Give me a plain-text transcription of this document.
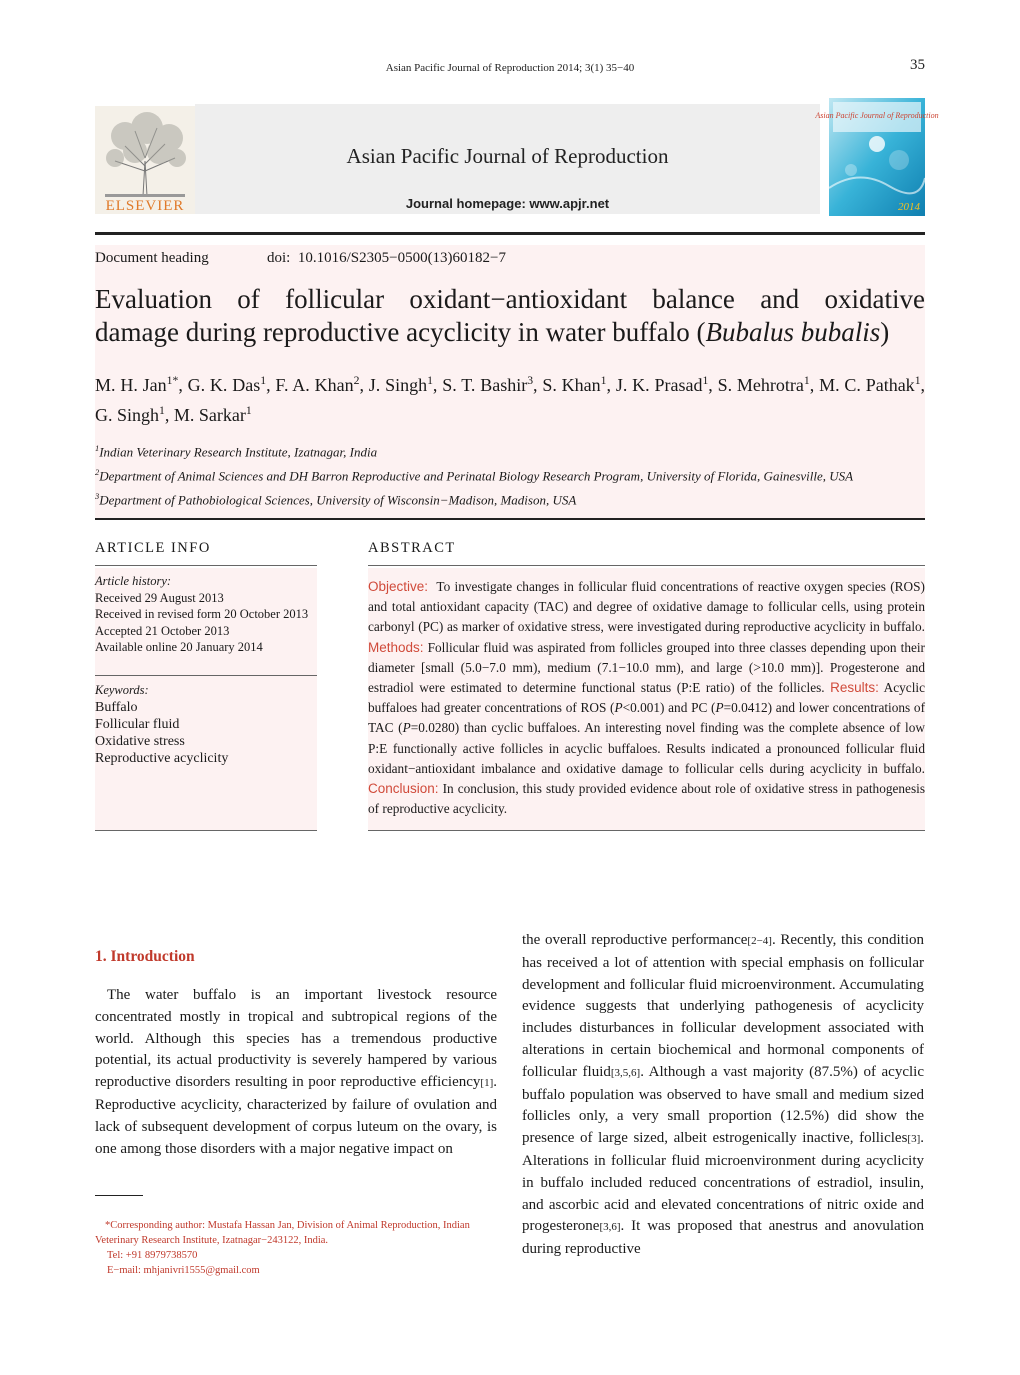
Asian Pacific Journal of Reproduction 2014; 3(1) 35−40	35
ELSEVIER
Asian Pacific Journal of Reproduction
Journal homepage: www.apjr.net
Asian Pacific Journal of Reproduction
2014
Document heading	doi: 10.1016/S2305−0500(13)60182−7
Evaluation of follicular oxidant−antioxidant balance and oxidative
damage during reproductive acyclicity in water buffalo (Bubalus bubalis)
M. H. Jan$^{1*}$, G. K. Das$^1$, F. A. Khan$^2$, J. Singh$^1$, S. T. Bashir$^3$, S. Khan$^1$, J. K. Prasad$^1$, S. Mehrotra$^1$, M. C. Pathak$^1$, G. Singh$^1$, M. Sarkar$^1$
$^1$Indian Veterinary Research Institute, Izatnagar, India
$^2$Department of Animal Sciences and DH Barron Reproductive and Perinatal Biology Research Program, University of Florida, Gainesville, USA
$^3$Department of Pathobiological Sciences, University of Wisconsin−Madison, Madison, USA
ARTICLE INFO
Article history:
Received 29 August 2013
Received in revised form 20 October 2013
Accepted 21 October 2013
Available online 20 January 2014
Keywords:
Buffalo
Follicular fluid
Oxidative stress
Reproductive acyclicity
ABSTRACT
Objective: To investigate changes in follicular fluid concentrations of reactive oxygen species (ROS) and total antioxidant capacity (TAC) and degree of oxidative damage to follicular cells, using protein carbonyl (PC) as marker of oxidative stress, were investigated during reproductive acyclicity in buffalo. Methods: Follicular fluid was aspirated from follicles grouped into three classes depending upon their diameter [small (5.0−7.0 mm), medium (7.1−10.0 mm), and large (>10.0 mm)]. Progesterone and estradiol were estimated to determine functional status (P:E ratio) of the follicles. Results: Acyclic buffaloes had greater concentrations of ROS (P<0.001) and PC (P=0.0412) and lower concentrations of TAC (P=0.0280) than cyclic buffaloes. An interesting novel finding was the complete absence of low P:E functionally active follicles in acyclic buffaloes. Results indicated a pronounced follicular fluid oxidant−antioxidant imbalance and oxidative damage to follicular cells during acyclicity in buffalo. Conclusion: In conclusion, this study provided evidence about role of oxidative stress in pathogenesis of reproductive acyclicity.
1. Introduction
The water buffalo is an important livestock resource concentrated mostly in tropical and subtropical regions of the world. Although this species has a tremendous productive potential, its actual productivity is severely hampered by various reproductive disorders resulting in poor reproductive efficiency[1]. Reproductive acyclicity, characterized by failure of ovulation and lack of subsequent development of corpus luteum on the ovary, is one among those disorders with a major negative impact on
*Corresponding author: Mustafa Hassan Jan, Division of Animal Reproduction, Indian Veterinary Research Institute, Izatnagar−243122, India.
Tel: +91 8979738570
E−mail: mhjanivri1555@gmail.com
the overall reproductive performance[2−4]. Recently, this condition has received a lot of attention with special emphasis on follicular development and follicular fluid microenvironment. Accumulating evidence suggests that underlying pathogenesis of acyclicity includes disturbances in follicular development associated with alterations in certain biochemical and hormonal components of follicular fluid[3,5,6]. Although a vast majority (87.5%) of acyclic buffalo population was observed to have small and medium sized follicles only, a very small proportion (12.5%) did show the presence of large sized, albeit estrogenically inactive, follicles[3]. Alterations in follicular fluid microenvironment during acyclicity in buffalo included reduced concentrations of estradiol, insulin, and ascorbic acid and elevated concentrations of nitric oxide and progesterone[3,6]. It was proposed that anestrus and anovulation during reproductive
